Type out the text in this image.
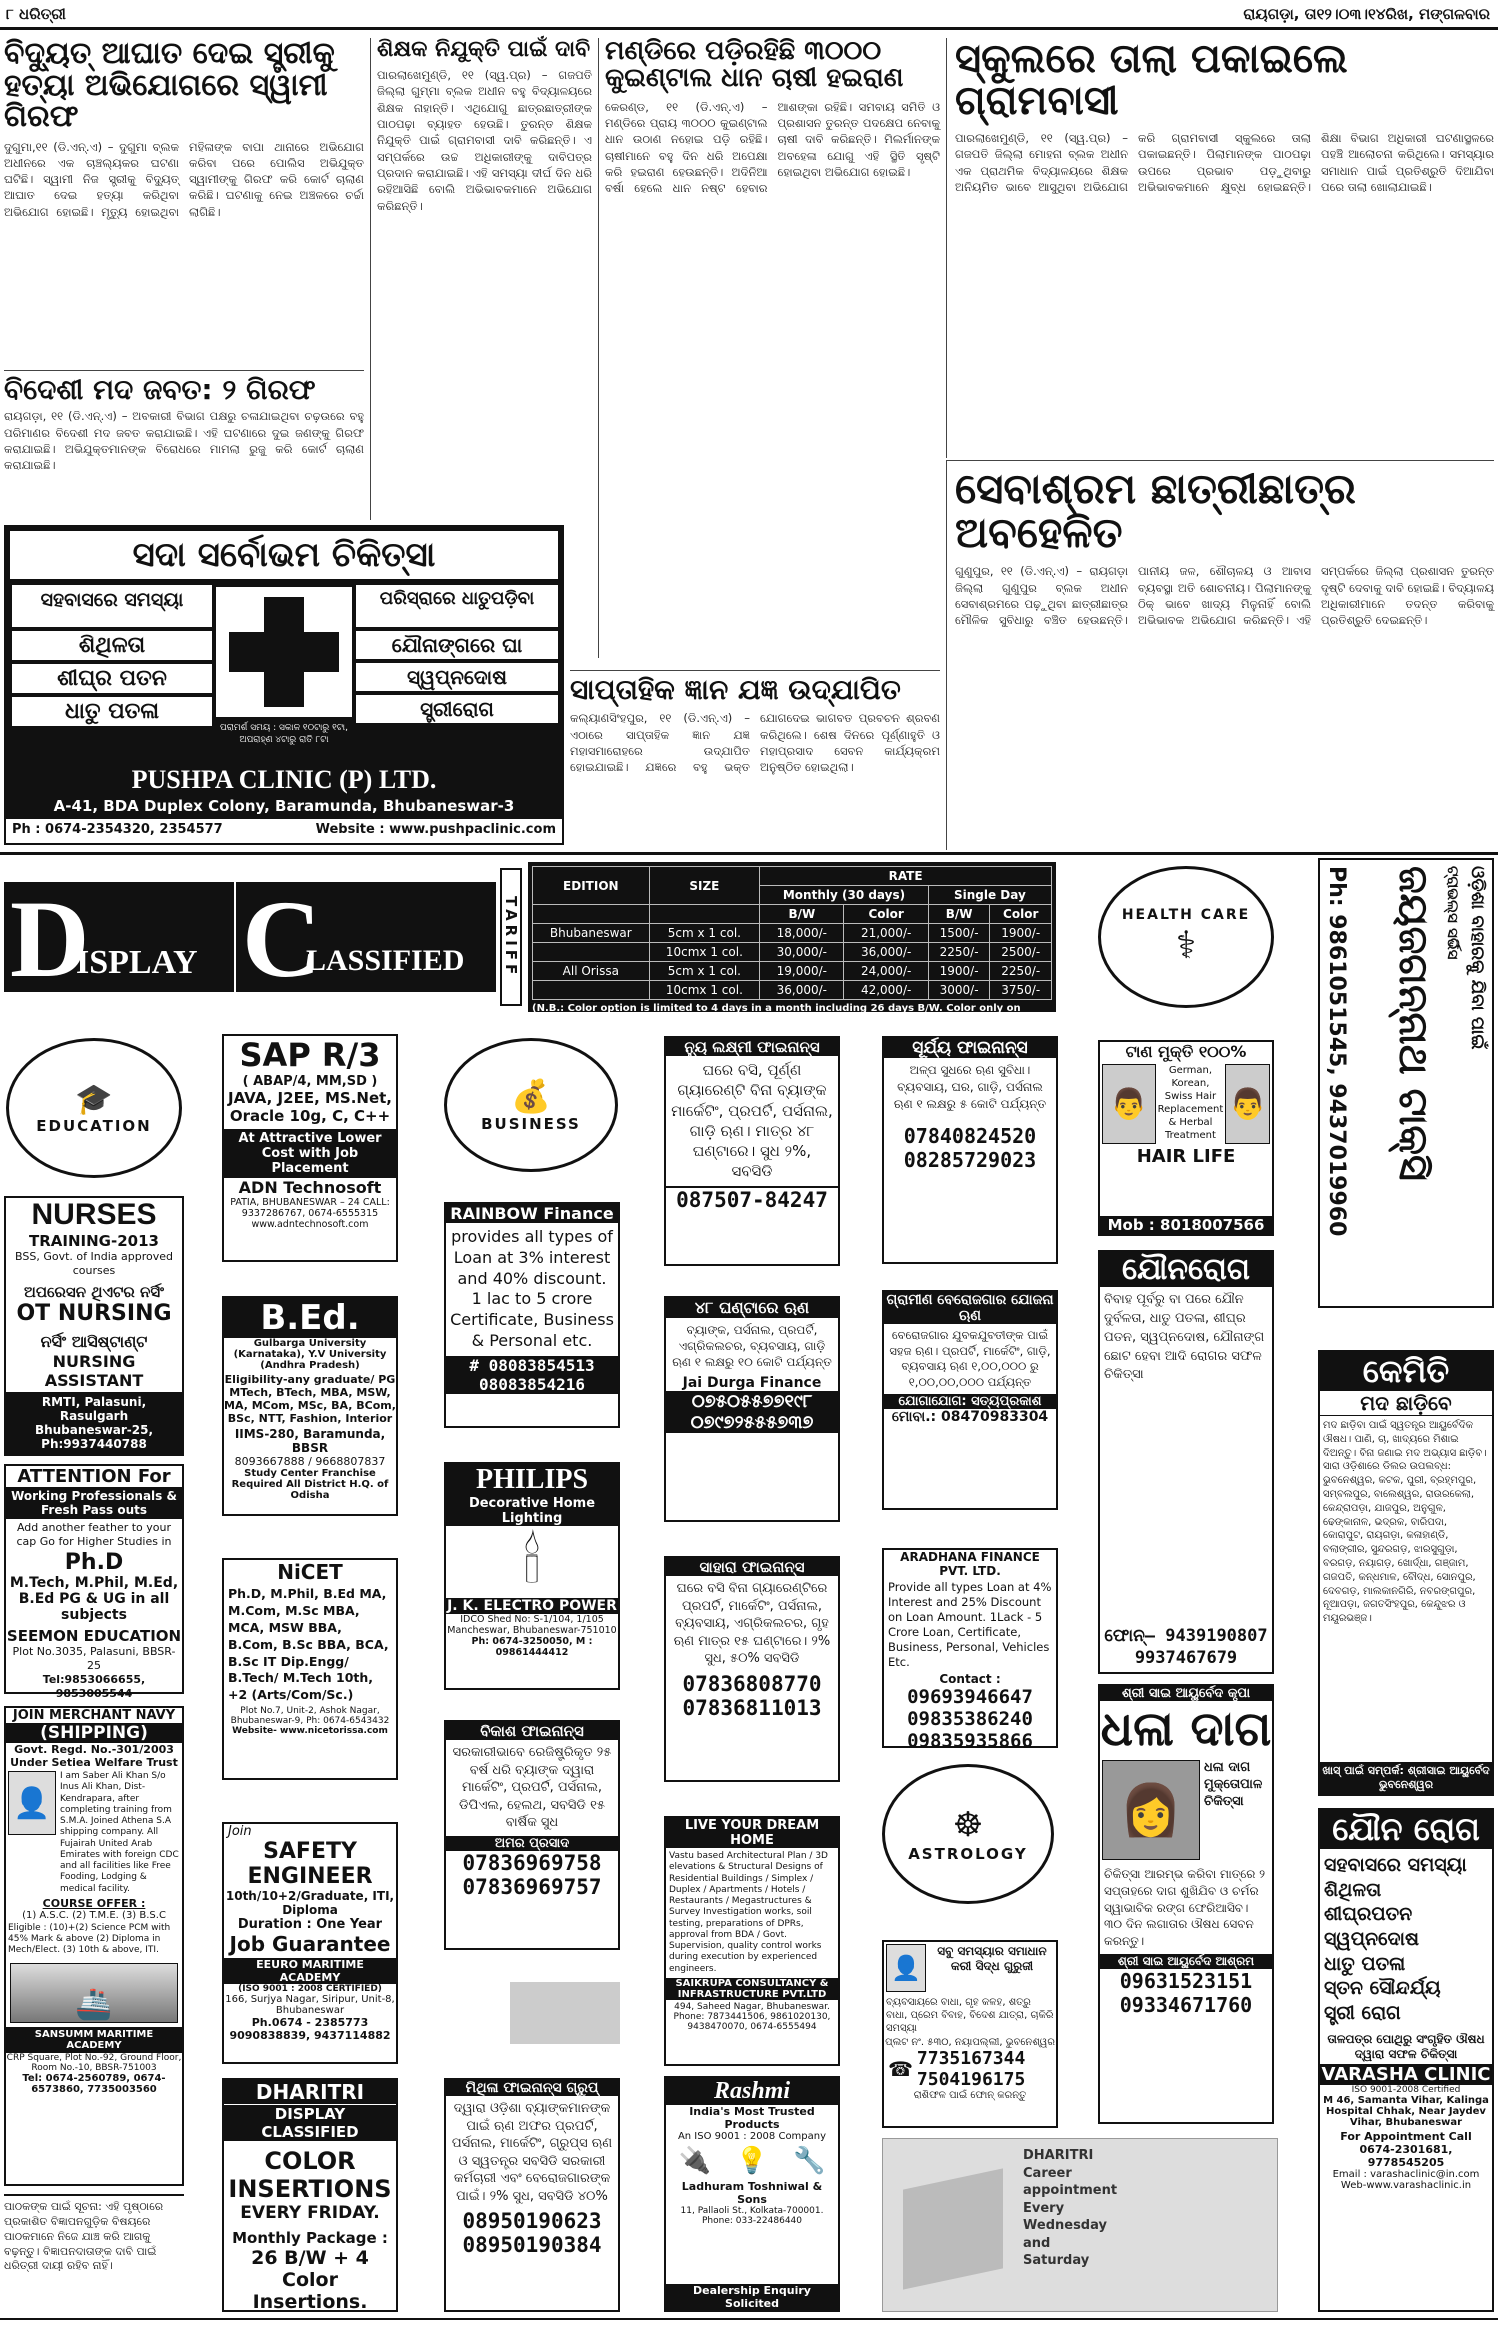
୮ ଧରିତ୍ରୀ	ରାୟଗଡ଼ା, ତା୧୨।୦୩।୧୪ରିଖ, ମଙ୍ଗଳବାର
ବିଦ୍ୟୁତ୍ ଆଘାତ ଦେଇ ସ୍ତ୍ରୀକୁ ହତ୍ୟା ଅଭିଯୋଗରେ ସ୍ୱାମୀ ଗିରଫ
ଦୁଗୁମା,୧୧ (ଡି.ଏନ୍.ଏ) – ଦୁଗୁମା ବ୍ଲକ ଅଧୀନରେ ଏକ ଚାଞ୍ଚଲ୍ୟକର ଘଟଣା ଘଟିଛି। ସ୍ୱାମୀ ନିଜ ସ୍ତ୍ରୀକୁ ବିଦ୍ୟୁତ୍ ଆଘାତ ଦେଇ ହତ୍ୟା କରିଥିବା ଅଭିଯୋଗ ହୋଇଛି। ମୃତ୍ୟୁ ହୋଇଥିବା ମହିଳାଙ୍କ ବାପା ଥାନାରେ ଅଭିଯୋଗ କରିବା ପରେ ପୋଲିସ ଅଭିଯୁକ୍ତ ସ୍ୱାମୀଙ୍କୁ ଗିରଫ କରି କୋର୍ଟ ଚାଲାଣ କରିଛି। ଘଟଣାକୁ ନେଇ ଅଞ୍ଚଳରେ ଚର୍ଚ୍ଚା ଲାଗିଛି।
ବିଦେଶୀ ମଦ ଜବତ: ୨ ଗିରଫ
ରାୟଗଡ଼ା, ୧୧ (ଡି.ଏନ୍.ଏ) – ଅବକାରୀ ବିଭାଗ ପକ୍ଷରୁ ଚଳାଯାଇଥିବା ଚଢ଼ଉରେ ବହୁ ପରିମାଣର ବିଦେଶୀ ମଦ ଜବତ କରାଯାଇଛି। ଏହି ଘଟଣାରେ ଦୁଇ ଜଣଙ୍କୁ ଗିରଫ କରାଯାଇଛି। ଅଭିଯୁକ୍ତମାନଙ୍କ ବିରୋଧରେ ମାମଲା ରୁଜୁ କରି କୋର୍ଟ ଚାଲାଣ କରାଯାଇଛି।
ଶିକ୍ଷକ ନିଯୁକ୍ତି ପାଇଁ ଦାବି
ପାରଲାଖେମୁଣ୍ଡି, ୧୧ (ସ୍ୱ.ପ୍ର) – ଗଜପତି ଜିଲ୍ଲା ଗୁମ୍ମା ବ୍ଲକ ଅଧୀନ ବହୁ ବିଦ୍ୟାଳୟରେ ଶିକ୍ଷକ ନାହାନ୍ତି। ଏଥିଯୋଗୁ ଛାତ୍ରଛାତ୍ରୀଙ୍କ ପାଠପଢ଼ା ବ୍ୟାହତ ହେଉଛି। ତୁରନ୍ତ ଶିକ୍ଷକ ନିଯୁକ୍ତି ପାଇଁ ଗ୍ରାମବାସୀ ଦାବି କରିଛନ୍ତି। ଏ ସମ୍ପର୍କରେ ଉଚ୍ଚ ଅଧିକାରୀଙ୍କୁ ଦାବିପତ୍ର ପ୍ରଦାନ କରାଯାଇଛି। ଏହି ସମସ୍ୟା ଦୀର୍ଘ ଦିନ ଧରି ରହିଆସିଛି ବୋଲି ଅଭିଭାବକମାନେ ଅଭିଯୋଗ କରିଛନ୍ତି।
ମଣ୍ଡିରେ ପଡ଼ିରହିଛି ୩୦୦୦ କୁଇଣ୍ଟାଲ ଧାନ ଚାଷୀ ହଇରାଣ
କେରଣ୍ଡ, ୧୧ (ଡି.ଏନ୍.ଏ) – ମଣ୍ଡିରେ ପ୍ରାୟ ୩୦୦୦ କୁଇଣ୍ଟାଲ ଧାନ ଉଠାଣ ନହୋଇ ପଡ଼ି ରହିଛି। ଚାଷୀମାନେ ବହୁ ଦିନ ଧରି ଅପେକ୍ଷା କରି ହଇରାଣ ହେଉଛନ୍ତି। ଅଦିନିଆ ବର୍ଷା ହେଲେ ଧାନ ନଷ୍ଟ ହେବାର ଆଶଙ୍କା ରହିଛି। ସମବାୟ ସମିତି ଓ ପ୍ରଶାସନ ତୁରନ୍ତ ପଦକ୍ଷେପ ନେବାକୁ ଚାଷୀ ଦାବି କରିଛନ୍ତି। ମିଲର୍ମାନଙ୍କ ଅବହେଳା ଯୋଗୁ ଏହି ସ୍ଥିତି ସୃଷ୍ଟି ହୋଇଥିବା ଅଭିଯୋଗ ହୋଇଛି।
ସାପ୍ତାହିକ ଜ୍ଞାନ ଯଜ୍ଞ ଉଦ୍ଯାପିତ
କଲ୍ୟାଣସିଂହପୁର, ୧୧ (ଡି.ଏନ୍.ଏ) – ଏଠାରେ ସାପ୍ତାହିକ ଜ୍ଞାନ ଯଜ୍ଞ ମହାସମାରୋହରେ ଉଦ୍ଯାପିତ ହୋଇଯାଇଛି। ଯଜ୍ଞରେ ବହୁ ଭକ୍ତ ଯୋଗଦେଇ ଭାଗବତ ପ୍ରବଚନ ଶ୍ରବଣ କରିଥିଲେ। ଶେଷ ଦିନରେ ପୂର୍ଣ୍ଣାହୁତି ଓ ମହାପ୍ରସାଦ ସେବନ କାର୍ଯ୍ୟକ୍ରମ ଅନୁଷ୍ଠିତ ହୋଇଥିଲା।
ସ୍କୁଲରେ ତାଲା ପକାଇଲେ ଗ୍ରାମବାସୀ
ପାରଲାଖେମୁଣ୍ଡି, ୧୧ (ସ୍ୱ.ପ୍ର) – ଗଜପତି ଜିଲ୍ଲା ମୋହନା ବ୍ଲକ ଅଧୀନ ଏକ ପ୍ରାଥମିକ ବିଦ୍ୟାଳୟରେ ଶିକ୍ଷକ ଅନିୟମିତ ଭାବେ ଆସୁଥିବା ଅଭିଯୋଗ କରି ଗ୍ରାମବାସୀ ସ୍କୁଲରେ ତାଲା ପକାଇଛନ୍ତି। ପିଲାମାନଙ୍କ ପାଠପଢ଼ା ଉପରେ ପ୍ରଭାବ ପଡ଼ୁଥିବାରୁ ଅଭିଭାବକମାନେ କ୍ଷୁବ୍ଧ ହୋଇଛନ୍ତି। ଶିକ୍ଷା ବିଭାଗ ଅଧିକାରୀ ଘଟଣାସ୍ଥଳରେ ପହଞ୍ଚି ଆଲୋଚନା କରିଥିଲେ। ସମସ୍ୟାର ସମାଧାନ ପାଇଁ ପ୍ରତିଶ୍ରୁତି ଦିଆଯିବା ପରେ ତାଲା ଖୋଲାଯାଇଛି।
ସେବାଶ୍ରମ ଛାତ୍ରୀଛାତ୍ର ଅବହେଳିତ
ଗୁଣୁପୁର, ୧୧ (ଡି.ଏନ୍.ଏ) – ରାୟଗଡ଼ା ଜିଲ୍ଲା ଗୁଣୁପୁର ବ୍ଲକ ଅଧୀନ ସେବାଶ୍ରମରେ ପଢ଼ୁଥିବା ଛାତ୍ରୀଛାତ୍ର ମୌଳିକ ସୁବିଧାରୁ ବଞ୍ଚିତ ହେଉଛନ୍ତି। ପାନୀୟ ଜଳ, ଶୌଚାଳୟ ଓ ଆବାସ ବ୍ୟବସ୍ଥା ଅତି ଶୋଚନୀୟ। ପିଲାମାନଙ୍କୁ ଠିକ୍ ଭାବେ ଖାଦ୍ୟ ମିଳୁନାହିଁ ବୋଲି ଅଭିଭାବକ ଅଭିଯୋଗ କରିଛନ୍ତି। ଏହି ସମ୍ପର୍କରେ ଜିଲ୍ଲା ପ୍ରଶାସନ ତୁରନ୍ତ ଦୃଷ୍ଟି ଦେବାକୁ ଦାବି ହୋଇଛି। ବିଦ୍ୟାଳୟ ଅଧିକାରୀମାନେ ତଦନ୍ତ କରିବାକୁ ପ୍ରତିଶ୍ରୁତି ଦେଇଛନ୍ତି।
ସଦା ସର୍ବୋଭମ ଚିକିତ୍ସା
ସହବାସରେ ସମସ୍ୟା
ଶିଥିଳତା
ଶୀଘ୍ର ପତନ
ଧାତୁ ପତଳା
ପରିସ୍ରାରେ ଧାତୁପଡ଼ିବା
ଯୌନାଙ୍ଗରେ ଘା
ସ୍ୱପ୍ନଦୋଷ
ସ୍ତ୍ରୀରୋଗ
ପରାମର୍ଶ ସମୟ : ସକାଳ ୧୦ଟାରୁ ୧ଟା, ଅପରାହ୍ଣ ୪ଟାରୁ ରାତି ୮ଟା
PUSHPA CLINIC (P) LTD.
A-41, BDA Duplex Colony, Baramunda, Bhubaneswar-3
Ph : 0674-2354320, 2354577	Website : www.pushpaclinic.com
D
ISPLAY C
LASSIFIED	TARIFF
EDITION	SIZE	RATE			
		Monthly (30 days)		Single Day	
		B/W	Color	B/W	Color
Bhubaneswar	5cm x 1 col.	18,000/-	21,000/-	1500/-	1900/-
	10cmx 1 col.	30,000/-	36,000/-	2250/-	2500/-
All Orissa	5cm x 1 col.	19,000/-	24,000/-	1900/-	2250/-
	10cmx 1 col.	36,000/-	42,000/-	3000/-	3750/-
(N.B.: Color option is limited to 4 days in a month including 26 days B/W. Color only on Friday)
HEALTH CARE
⚕	ଓଡ଼ିଶା ବାହାରକୁ ଯିବା ପାଇଁ
ଟ୍ରାଭଲ୍ସ ସର୍ଭିସ
ଜୟଜଗନ୍ନାଥ ଟାକ୍ସି
Ph: 9861051545, 9437019960
🎓
EDUCATION
NURSES
TRAINING-2013
BSS, Govt. of India approved courses
ଅପରେସନ ଥିଏଟର ନର୍ସିଂ
OT NURSING
ନର୍ସିଂ ଆସିଷ୍ଟାଣ୍ଟ
NURSING ASSISTANT
RMTI, Palasuni, Rasulgarh
Bhubaneswar-25, Ph:9937440788
ATTENTION For
Working Professionals & Fresh Pass outs
Add another feather to your cap Go for Higher Studies in
Ph.D
M.Tech, M.Phil, M.Ed, B.Ed PG & UG in all subjects
SEEMON EDUCATION
Plot No.3035, Palasuni, BBSR-25
Tel:9853066655, 9853005544
JOIN MERCHANT NAVY
(SHIPPING)
Govt. Regd. No.-301/2003 Under Setiea Welfare Trust
👤
I am Saber Ali Khan S/o Inus Ali Khan, Dist-Kendrapara, after completing training from S.M.A. Joined Athena S.A shipping company. All Fujairah United Arab Emirates with foreign CDC and all facilities like Free Fooding, Lodging & medical facility.
COURSE OFFER :
(1) A.S.C. (2) T.M.E. (3) B.S.C
Eligible : (10)+(2) Science PCM with 45% Mark & above (2) Diploma in Mech/Elect. (3) 10th & above, ITI.
🚢
SANSUMM MARITIME ACADEMY
CRP Square, Plot No.-92, Ground Floor, Room No.-10, BBSR-751003
Tel: 0674-2560789, 0674-6573860, 7735003560
ପାଠକଙ୍କ ପାଇଁ ସୂଚନା: ଏହି ପୃଷ୍ଠାରେ ପ୍ରକାଶିତ ବିଜ୍ଞାପନଗୁଡ଼ିକ ବିଷୟରେ ପାଠକମାନେ ନିଜେ ଯାଞ୍ଚ କରି ଆଗକୁ ବଢ଼ନ୍ତୁ। ବିଜ୍ଞାପନଦାତାଙ୍କ ଦାବି ପାଇଁ ଧରିତ୍ରୀ ଦାୟୀ ରହିବ ନାହିଁ।
SAP R/3
( ABAP/4, MM,SD )
JAVA, J2EE, MS.Net, Oracle 10g, C, C++
At Attractive Lower Cost with Job Placement
ADN Technosoft
PATIA, BHUBANESWAR – 24 CALL: 9337286767, 0674-6555315 www.adntechnosoft.com
B.Ed.
Gulbarga University (Karnataka), Y.V University (Andhra Pradesh)
Eligibility-any graduate/ PG
MTech, BTech, MBA, MSW, MA, MCom, MSc, BA, BCom, BSc, NTT, Fashion, Interior
IIMS-280, Baramunda, BBSR
8093667888 / 9668807837
Study Center Franchise Required All District H.Q. of Odisha
NiCET
Ph.D, M.Phil, B.Ed MA, M.Com, M.Sc MBA, MCA, MSW BBA, B.Com, B.Sc BBA, BCA, B.Sc IT Dip.Engg/ B.Tech/ M.Tech 10th, +2 (Arts/Com/Sc.)
Plot No.7, Unit-2, Ashok Nagar, Bhubaneswar-9, Ph: 0674-6543432
Website- www.nicetorissa.com
Join
SAFETY ENGINEER
10th/10+2/Graduate, ITI, Diploma
Duration : One Year
Job Guarantee
EEURO MARITIME ACADEMY
(ISO 9001 : 2008 CERTIFIED)
166, Surjya Nagar, Siripur, Unit-8, Bhubaneswar
Ph.0674 - 2385773 9090838839, 9437114882
DHARITRI
DISPLAY CLASSIFIED
COLOR INSERTIONS
EVERY FRIDAY.
Monthly Package :
26 B/W + 4 Color Insertions.
💰
BUSINESS
RAINBOW Finance
provides all types of Loan at 3% interest and 40% discount. 1 lac to 5 crore Certificate, Business & Personal etc.
# 08083854513
08083854216
PHILIPS
Decorative Home Lighting
🕯
J. K. ELECTRO POWER
IDCO Shed No: S-1/104, 1/105 Mancheswar, Bhubaneswar-751010
Ph: 0674-3250050, M : 09861444412
ବିକାଶ ଫାଇନାନ୍ସ
ସରକାରୀଭାବେ ରେଜିଷ୍ଟ୍ରିକୃତ ୨୫ ବର୍ଷ ଧରି ବ୍ୟାଙ୍କ ଦ୍ୱାରା ମାର୍କେଟିଂ, ପ୍ରପର୍ଟି, ପର୍ସନାଲ, ଡିପିଏଲ, ହେଲଥ, ସବସିଡି ୧୫ ବାର୍ଷିକ ସୁଧ
ଅମର ପ୍ରସାଦ
07836969758
07836969757
ମିଥିଳା ଫାଇନାନ୍ସ ଗ୍ରୁପ୍
ଦ୍ୱାରା ଓଡ଼ିଶା ବ୍ୟାଙ୍କମାନଙ୍କ ପାଇଁ ଋଣ ଅଫର ପ୍ରପର୍ଟି, ପର୍ସନାଲ, ମାର୍କେଟିଂ, ଗ୍ରୁପ୍ସ ଋଣ ଓ ସ୍ୱତନ୍ତ୍ର ସବସିଡି ସରକାରୀ କର୍ମଚାରୀ ଏବଂ ବେରୋଜଗାରଙ୍କ ପାଇଁ। ୨% ସୁଧ, ସବସିଡି ୪୦%
08950190623
08950190384
ନ୍ୟୁ ଲକ୍ଷ୍ମୀ ଫାଇନାନ୍ସ
ଘରେ ବସି, ପୂର୍ଣ୍ଣ ଗ୍ୟାରେଣ୍ଟି ବିନା ବ୍ୟାଙ୍କ ମାର୍କେଟିଂ, ପ୍ରପର୍ଟି, ପର୍ସନାଲ, ଗାଡ଼ି ଋଣ। ମାତ୍ର ୪୮ ଘଣ୍ଟାରେ। ସୁଧ ୨%, ସବସିଡି
087507-84247
୪୮ ଘଣ୍ଟାରେ ଋଣ
ବ୍ୟାଙ୍କ, ପର୍ସନାଲ, ପ୍ରପର୍ଟି, ଏଗ୍ରିକଲଚର, ବ୍ୟବସାୟ, ଗାଡ଼ି ଋଣ ୧ ଲକ୍ଷରୁ ୧୦ କୋଟି ପର୍ଯ୍ୟନ୍ତ
Jai Durga Finance
୦୭୫୦୫୫୭୭୧୯୮
୦୭୯୭୨୫୫୫୭୩୭
ସାହାରା ଫାଇନାନ୍ସ
ଘରେ ବସି ବିନା ଗ୍ୟାରେଣ୍ଟିରେ ପ୍ରପର୍ଟି, ମାର୍କେଟିଂ, ପର୍ସନାଲ, ବ୍ୟବସାୟ, ଏଗ୍ରିକଲଚର, ଗୃହ ଋଣ ମାତ୍ର ୧୫ ଘଣ୍ଟାରେ। ୨% ସୁଧ, ୫୦% ସବସିଡି
07836808770
07836811013
LIVE YOUR DREAM HOME
Vastu based Architectural Plan / 3D elevations & Structural Designs of Residential Buildings / Simplex / Duplex / Apartments / Hotels / Restaurants / Megastructures & Survey Investigation works, soil testing, preparations of DPRs, approval from BDA / Govt. Supervision, quality control works during execution by experienced engineers.
SAIKRUPA CONSULTANCY & INFRASTRUCTURE PVT.LTD
494, Saheed Nagar, Bhubaneswar. Phone: 7873441506, 9861020130, 9438470070, 0674-6555494
Rashmi
India's Most Trusted Products
An ISO 9001 : 2008 Company
🔌 💡 🔧
Ladhuram Toshniwal & Sons
11, Pallaoli St., Kolkata-700001. Phone: 033-22486440
Dealership Enquiry Solicited
ସୂର୍ଯ୍ୟ ଫାଇନାନ୍ସ
ଅଳ୍ପ ସୁଧରେ ଋଣ ସୁବିଧା। ବ୍ୟବସାୟ, ଘର, ଗାଡ଼ି, ପର୍ସନାଲ ଋଣ ୧ ଲକ୍ଷରୁ ୫ କୋଟି ପର୍ଯ୍ୟନ୍ତ
07840824520
08285729023
ଗ୍ରାମୀଣ ବେରୋଜଗାର ଯୋଜନା ଋଣ
ବେରୋଜଗାର ଯୁବକଯୁବତୀଙ୍କ ପାଇଁ ସହଜ ଋଣ। ପ୍ରପର୍ଟି, ମାର୍କେଟିଂ, ଗାଡ଼ି, ବ୍ୟବସାୟ ଋଣ ୧,୦୦,୦୦୦ ରୁ ୧,୦୦,୦୦,୦୦୦ ପର୍ଯ୍ୟନ୍ତ
ଯୋଗାଯୋଗ: ସତ୍ୟପ୍ରକାଶ
ମୋବା.: 08470983304
ARADHANA FINANCE PVT. LTD.
Provide all types Loan at 4% Interest and 25% Discount on Loan Amount. 1Lack - 5 Crore Loan, Certificate, Business, Personal, Vehicles Etc.
Contact :
09693946647
09835386240
09835935866
☸
ASTROLOGY
👤
ସବୁ ସମସ୍ୟାର ସମାଧାନ କରୀ ସିଦ୍ଧ ଗୁରୁଜୀ
ବ୍ୟବସାୟରେ ବାଧା, ଗୃହ କଳହ, ଶତ୍ରୁ ବାଧା, ପ୍ରେମ ବିବାହ, ବିଦେଶ ଯାତ୍ରା, ଚାକିରି ସମସ୍ୟା
ପ୍ଲଟ ନଂ. ୫୩୦, ନୟାପଲ୍ଲୀ, ଭୁବନେଶ୍ୱର
☎ 7735167344
7504196175
ରାଶିଫଳ ପାଇଁ ଫୋନ୍ କରନ୍ତୁ
DHARITRI
Career
appointment
Every
Wednesday
and
Saturday
ଟାଣ ମୁକ୍ତି ୧୦୦%
👨
German, Korean, Swiss Hair Replacement & Herbal Treatment
👨
HAIR LIFE
Mob : 8018007566
ଯୌନରୋଗ
ବିବାହ ପୂର୍ବରୁ ବା ପରେ ଯୌନ ଦୁର୍ବଳତା, ଧାତୁ ପତଳା, ଶୀଘ୍ର ପତନ, ସ୍ୱପ୍ନଦୋଷ, ଯୌନାଙ୍ଗ ଛୋଟ ହେବା ଆଦି ରୋଗର ସଫଳ ଚିକିତ୍ସା
ଫୋନ୍– 9439190807
9937467679
ଶ୍ରୀ ସାଇ ଆୟୁର୍ବେଦ କୃପା
ଧଳା ଦାଗ
👩
ଧଳା ଦାଗ ମୁକ୍ତୋପାଳ ଚିକିତ୍ସା
ଚିକିତ୍ସା ଆରମ୍ଭ କରିବା ମାତ୍ରେ ୨ ସପ୍ତାହରେ ଦାଗ ଶୁଖିଯିବ ଓ ଚର୍ମର ସ୍ୱାଭାବିକ ରଙ୍ଗ ଫେରିଆସିବ। ୩୦ ଦିନ ଲଗାତାର ଔଷଧ ସେବନ କରନ୍ତୁ।
ଶ୍ରୀ ସାଇ ଆୟୁର୍ବେଦ ଆଶ୍ରମ
09631523151
09334671760
କେମିତି
ମଦ ଛାଡ଼ିବେ
ମଦ ଛାଡ଼ିବା ପାଇଁ ସ୍ୱତନ୍ତ୍ର ଆୟୁର୍ବେଦିକ ଔଷଧ। ପାଣି, ଚା, ଖାଦ୍ୟରେ ମିଶାଇ ଦିଅନ୍ତୁ। ବିନା ଜଣାଇ ମଦ ଅଭ୍ୟାସ ଛାଡ଼ିବ। ସାରା ଓଡ଼ିଶାରେ ଡିଲର ଉପଲବ୍ଧ: ଭୁବନେଶ୍ୱର, କଟକ, ପୁରୀ, ବ୍ରହ୍ମପୁର, ସମ୍ବଲପୁର, ବାଲେଶ୍ୱର, ରାଉରକେଲା, କେନ୍ଦ୍ରାପଡ଼ା, ଯାଜପୁର, ଅନୁଗୁଳ, ଢେଙ୍କାନାଳ, ଭଦ୍ରକ, ବାରିପଦା, କୋରାପୁଟ, ରାୟଗଡ଼ା, କଳାହାଣ୍ଡି, ବଲାଙ୍ଗୀର, ସୁନ୍ଦରଗଡ଼, ଝାରସୁଗୁଡ଼ା, ବରଗଡ଼, ନୟାଗଡ଼, ଖୋର୍ଦ୍ଧା, ଗଞ୍ଜାମ, ଗଜପତି, କନ୍ଧମାଳ, ବୌଦ୍ଧ, ସୋନପୁର, ଦେବଗଡ଼, ମାଲକାନଗିରି, ନବରଙ୍ଗପୁର, ନୂଆପଡ଼ା, ଜଗତସିଂହପୁର, କେନ୍ଦୁଝର ଓ ମୟୂରଭଞ୍ଜ।
ଖାସ୍ ପାଇଁ ସମ୍ପର୍କ: ଶ୍ରୀସାଇ ଆୟୁର୍ବେଦ ଭୁବନେଶ୍ୱର
ଯୌନ ରୋଗ
ସହବାସରେ ସମସ୍ୟା
ଶିଥିଳତା
ଶୀଘ୍ରପତନ
ସ୍ୱପ୍ନଦୋଷ
ଧାତୁ ପତଳା
ସ୍ତନ ସୌନ୍ଦର୍ଯ୍ୟ
ସ୍ତ୍ରୀ ରୋଗ
ତାଳପତ୍ର ପୋଥିରୁ ସଂଗୃହିତ ଔଷଧ ଦ୍ୱାରା ସଫଳ ଚିକିତ୍ସା
VARASHA CLINIC
ISO 9001-2008 Certified
M 46, Samanta Vihar, Kalinga Hospital Chhak, Near Jaydev Vihar, Bhubaneswar
For Appointment Call
0674-2301681, 9778545205
Email : varashaclinic@in.com
Web-www.varashaclinic.in
